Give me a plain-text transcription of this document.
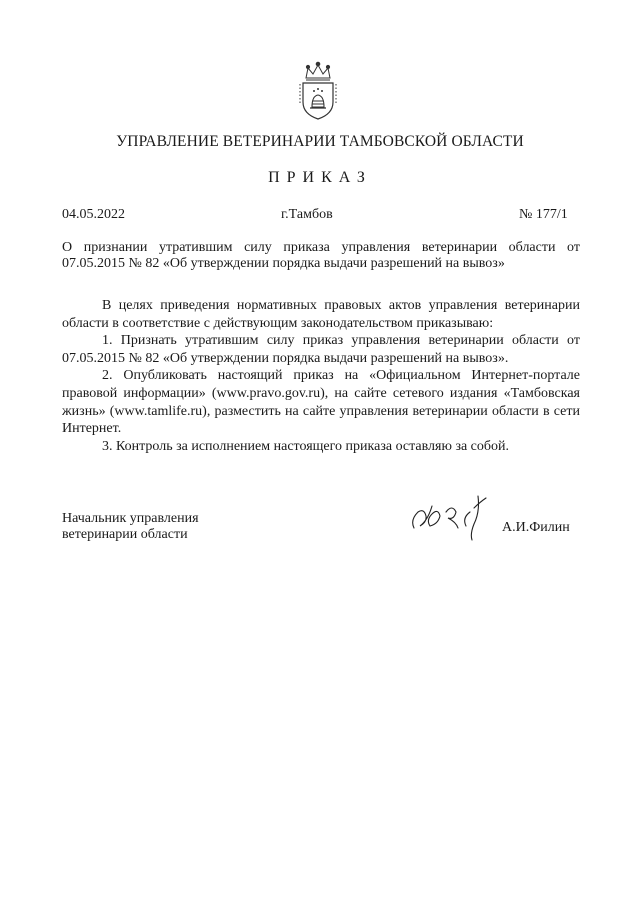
УПРАВЛЕНИЕ ВЕТЕРИНАРИИ ТАМБОВСКОЙ ОБЛАСТИ
ПРИКАЗ
04.05.2022	г.Тамбов	№ 177/1
О признании утратившим силу приказа управления ветеринарии области от 07.05.2015 № 82 «Об утверждении порядка выдачи разрешений на вывоз»

В целях приведения нормативных правовых актов управления ветеринарии области в соответствие с действующим законодательством приказываю:

1. Признать утратившим силу приказ управления ветеринарии области от 07.05.2015 № 82 «Об утверждении порядка выдачи разрешений на вывоз».

2. Опубликовать настоящий приказ на «Официальном Интернет-портале правовой информации» (www.pravo.gov.ru), на сайте сетевого издания «Тамбовская жизнь» (www.tamlife.ru), разместить на сайте управления ветеринарии области в сети Интернет.

3. Контроль за исполнением настоящего приказа оставляю за собой.

Начальник управления
ветеринарии области	А.И.Филин
